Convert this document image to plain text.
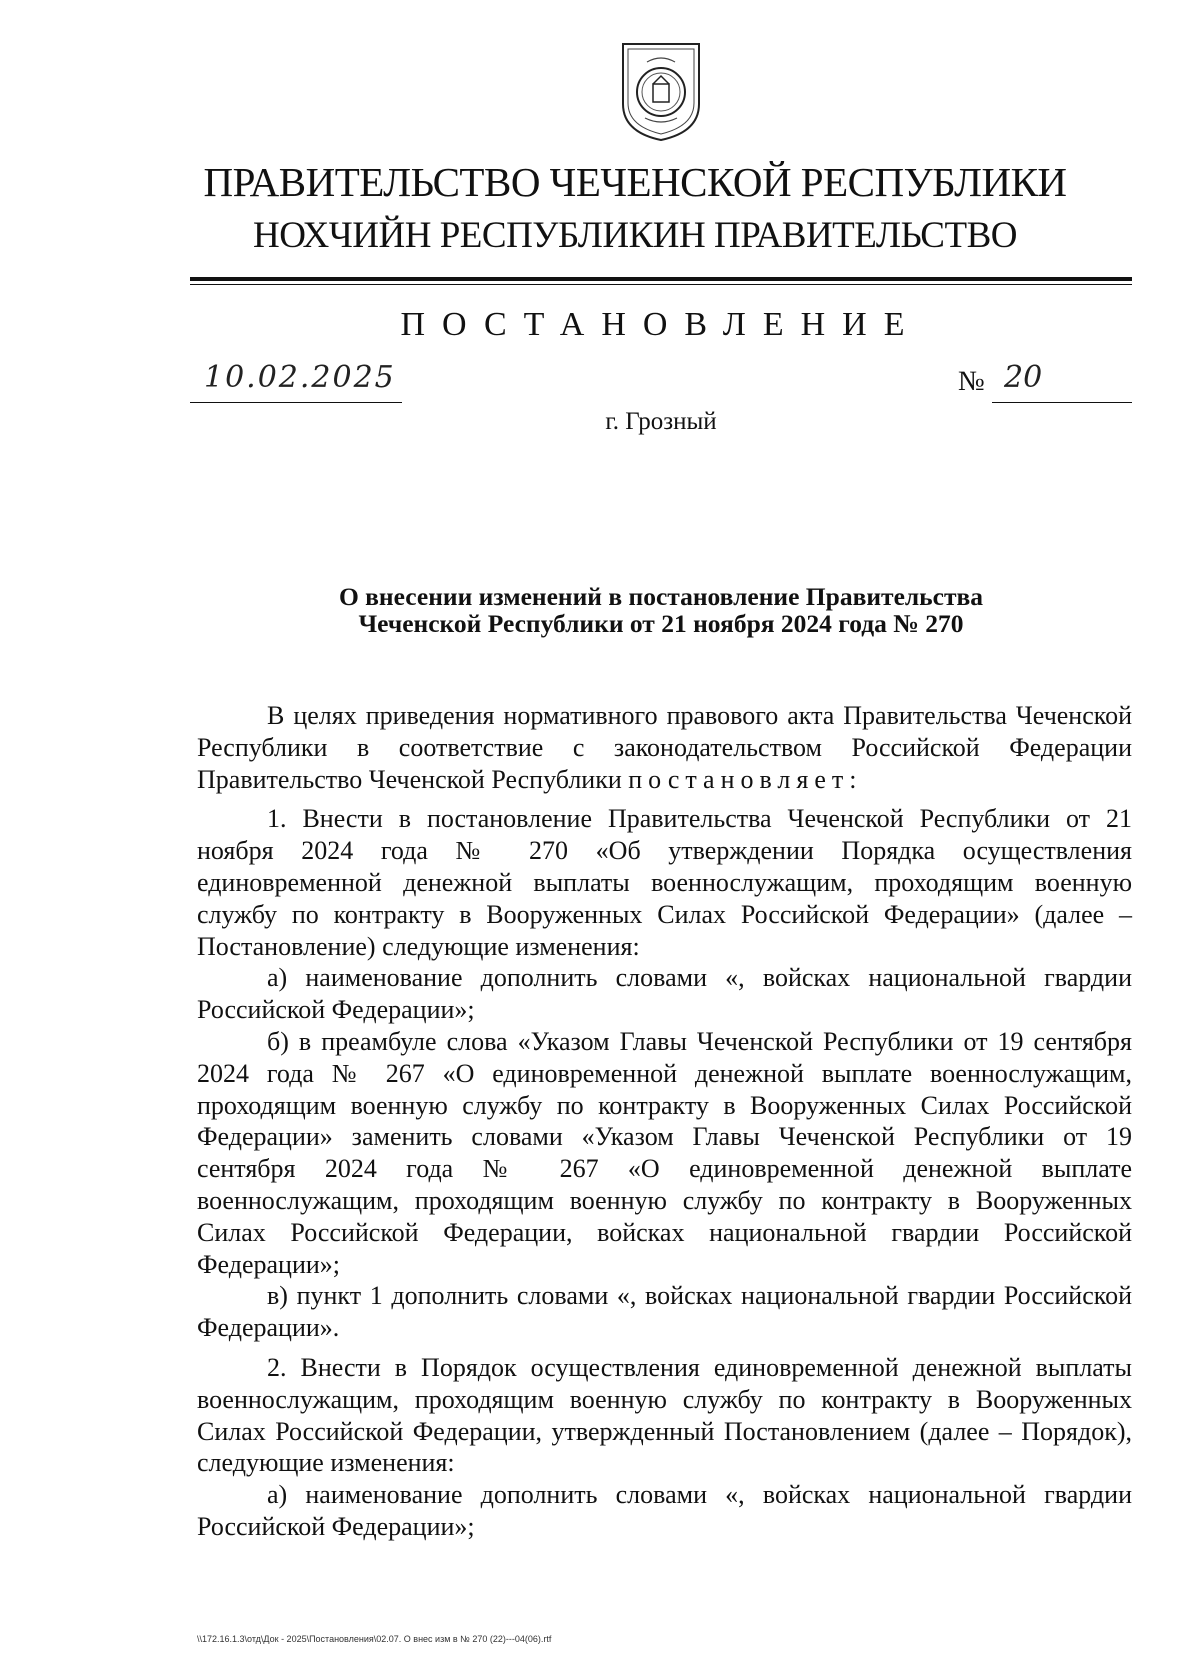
ПРАВИТЕЛЬСТВО ЧЕЧЕНСКОЙ РЕСПУБЛИКИ
НОХЧИЙН РЕСПУБЛИКИН ПРАВИТЕЛЬСТВО
ПОСТАНОВЛЕНИЕ
10.02.2025	№ 20
г. Грозный
О внесении изменений в постановление Правительства
Чеченской Республики от 21 ноября 2024 года № 270

В целях приведения нормативного правового акта Правительства Чеченской Республики в соответствие с законодательством Российской Федерации Правительство Чеченской Республики постановляет:

1. Внести в постановление Правительства Чеченской Республики от 21 ноября 2024 года № 270 «Об утверждении Порядка осуществления единовременной денежной выплаты военнослужащим, проходящим военную службу по контракту в Вооруженных Силах Российской Федерации» (далее – Постановление) следующие изменения:

а) наименование дополнить словами «, войсках национальной гвардии Российской Федерации»;

б) в преамбуле слова «Указом Главы Чеченской Республики от 19 сентября 2024 года № 267 «О единовременной денежной выплате военнослужащим, проходящим военную службу по контракту в Вооруженных Силах Российской Федерации» заменить словами «Указом Главы Чеченской Республики от 19 сентября 2024 года № 267 «О единовременной денежной выплате военнослужащим, проходящим военную службу по контракту в Вооруженных Силах Российской Федерации, войсках национальной гвардии Российской Федерации»;

в) пункт 1 дополнить словами «, войсках национальной гвардии Российской Федерации».

2. Внести в Порядок осуществления единовременной денежной выплаты военнослужащим, проходящим военную службу по контракту в Вооруженных Силах Российской Федерации, утвержденный Постановлением (далее – Порядок), следующие изменения:

а) наименование дополнить словами «, войсках национальной гвардии Российской Федерации»;

\\172.16.1.3\отд\Док - 2025\Постановления\02.07. О внес изм в № 270 (22)---04(06).rtf
